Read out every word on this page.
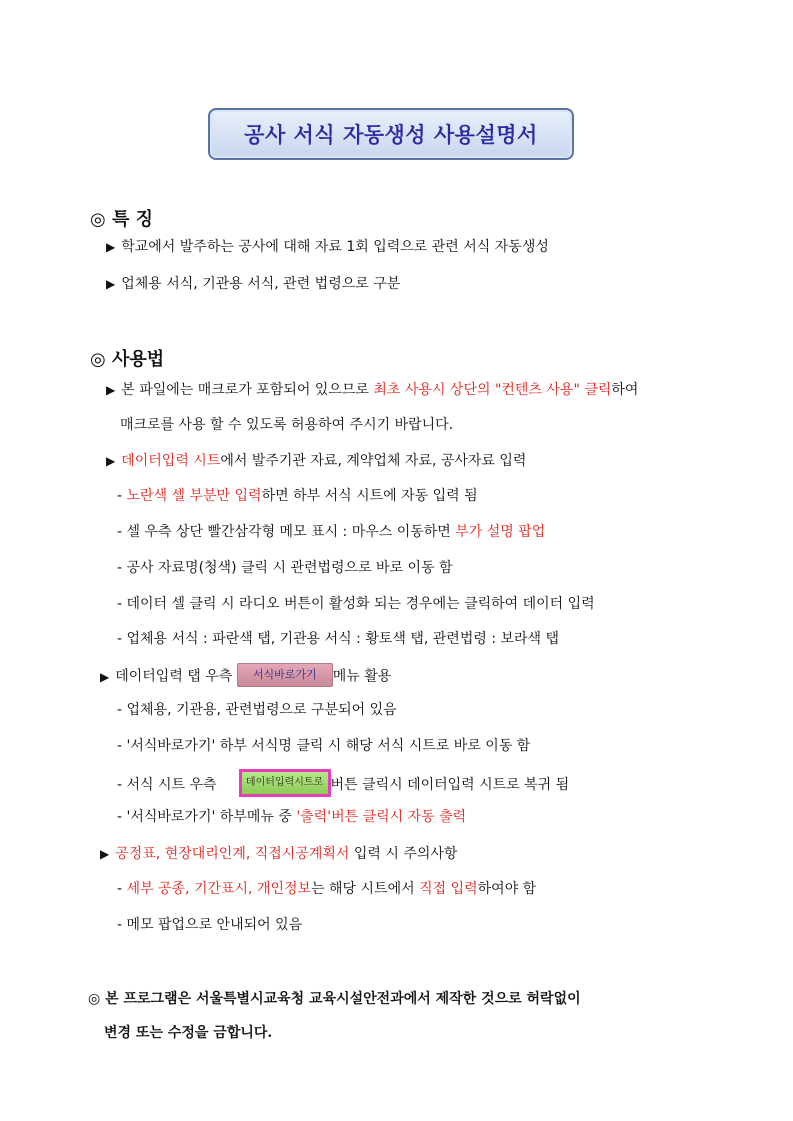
공사 서식 자동생성 사용설명서
◎ 특 징
▶ 학교에서 발주하는 공사에 대해 자료 1회 입력으로 관련 서식 자동생성
▶ 업체용 서식, 기관용 서식, 관련 법령으로 구분
◎ 사용법
▶ 본 파일에는 매크로가 포함되어 있으므로 최초 사용시 상단의 "컨텐츠 사용" 클릭하여
매크로를 사용 할 수 있도록 허용하여 주시기 바랍니다.
▶ 데이터입력 시트에서 발주기관 자료, 계약업체 자료, 공사자료 입력
- 노란색 셀 부분만 입력하면 하부 서식 시트에 자동 입력 됨
- 셀 우측 상단 빨간삼각형 메모 표시 : 마우스 이동하면 부가 설명 팝업
- 공사 자료명(청색) 클릭 시 관련법령으로 바로 이동 함
- 데이터 셀 클릭 시 라디오 버튼이 활성화 되는 경우에는 클릭하여 데이터 입력
- 업체용 서식 : 파란색 탭, 기관용 서식 : 황토색 탭, 관련법령 : 보라색 탭
▶ 데이터입력 탭 우측 서식바로가기 메뉴 활용
- 업체용, 기관용, 관련법령으로 구분되어 있음
- '서식바로가기' 하부 서식명 클릭 시 해당 서식 시트로 바로 이동 함
- 서식 시트 우측	데이터입력시트로 버튼 클릭시 데이터입력 시트로 복귀 됨
- '서식바로가기' 하부메뉴 중 '출력'버튼 클릭시 자동 출력
▶ 공정표, 현장대리인계, 직접시공계획서 입력 시 주의사항
- 세부 공종, 기간표시, 개인정보는 해당 시트에서 직접 입력하여야 함
- 메모 팝업으로 안내되어 있음
◎ 본 프로그램은 서울특별시교육청 교육시설안전과에서 제작한 것으로 허락없이
변경 또는 수정을 금합니다.
